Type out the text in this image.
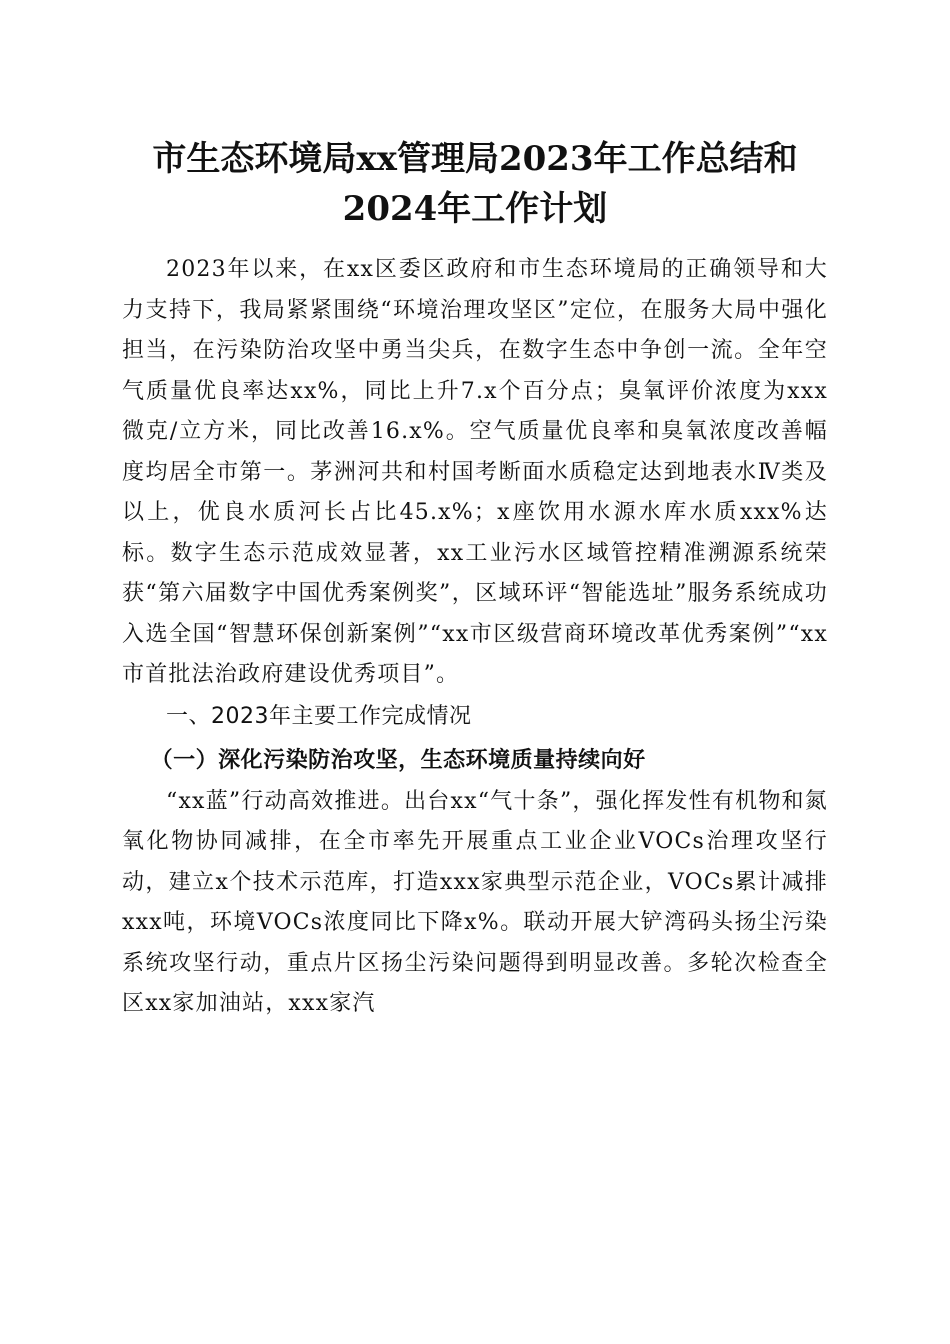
市生态环境局xx管理局2023年工作总结和
2024年工作计划

2023年以来，在xx区委区政府和市生态环境局的正确领导和大力支持下，我局紧紧围绕“环境治理攻坚区”定位，在服务大局中强化担当，在污染防治攻坚中勇当尖兵，在数字生态中争创一流。全年空气质量优良率达xx%，同比上升7.x个百分点；臭氧评价浓度为xxx微克/立方米，同比改善16.x%。空气质量优良率和臭氧浓度改善幅度均居全市第一。茅洲河共和村国考断面水质稳定达到地表水Ⅳ类及以上，优良水质河长占比45.x%；x座饮用水源水库水质xxx%达标。数字生态示范成效显著，xx工业污水区域管控精准溯源系统荣获“第六届数字中国优秀案例奖”，区域环评“智能选址”服务系统成功入选全国“智慧环保创新案例”“xx市区级营商环境改革优秀案例”“xx市首批法治政府建设优秀项目”。

一、2023年主要工作完成情况

（一）深化污染防治攻坚，生态环境质量持续向好

“xx蓝”行动高效推进。出台xx“气十条”，强化挥发性有机物和氮氧化物协同减排，在全市率先开展重点工业企业VOCs治理攻坚行动，建立x个技术示范库，打造xxx家典型示范企业，VOCs累计减排xxx吨，环境VOCs浓度同比下降x%。联动开展大铲湾码头扬尘污染系统攻坚行动，重点片区扬尘污染问题得到明显改善。多轮次检查全区xx家加油站，xxx家汽
